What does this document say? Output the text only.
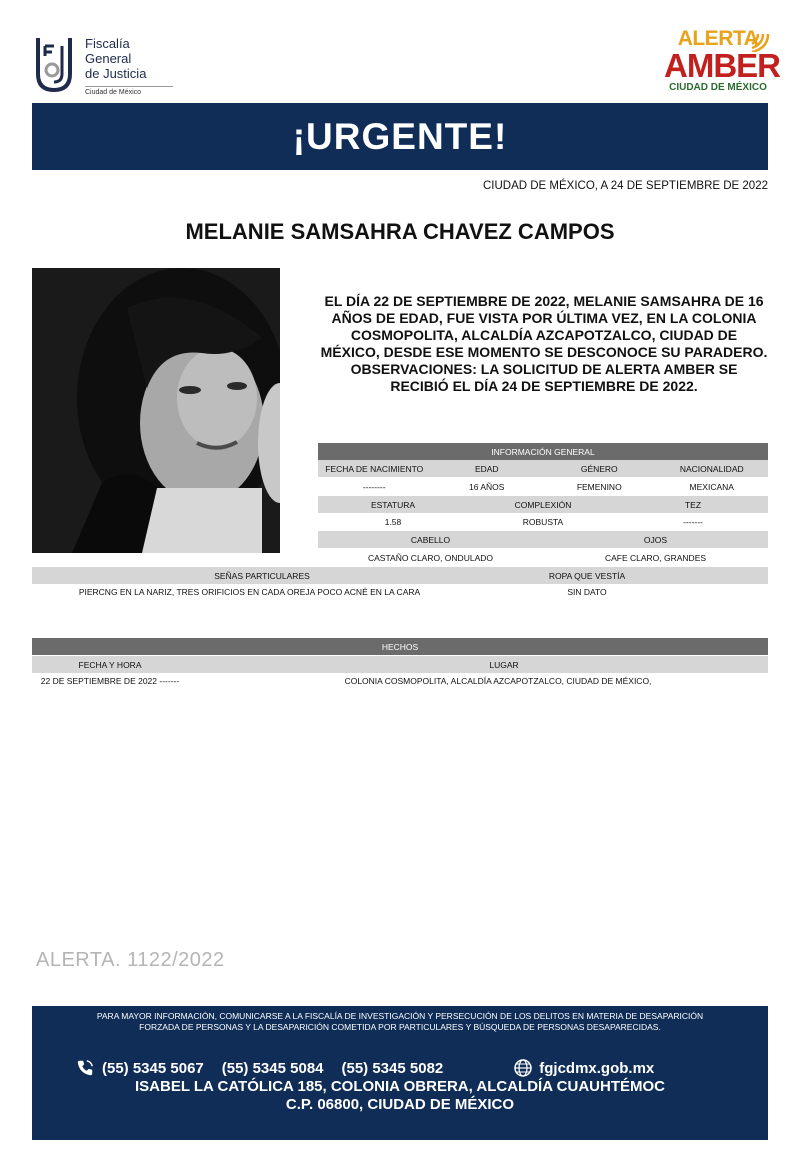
Fiscalía
General
de Justicia
Ciudad de México
ALERTA
AMBER
CIUDAD DE MÉXICO
¡URGENTE!
CIUDAD DE MÉXICO, A 24 DE SEPTIEMBRE DE 2022
MELANIE SAMSAHRA CHAVEZ CAMPOS
EL DÍA 22 DE SEPTIEMBRE DE 2022, MELANIE SAMSAHRA DE 16 AÑOS DE EDAD, FUE VISTA POR ÚLTIMA VEZ, EN LA COLONIA COSMOPOLITA, ALCALDÍA AZCAPOTZALCO, CIUDAD DE MÉXICO, DESDE ESE MOMENTO SE DESCONOCE SU PARADERO. OBSERVACIONES: LA SOLICITUD DE ALERTA AMBER SE RECIBIÓ EL DÍA 24 DE SEPTIEMBRE DE 2022.
INFORMACIÓN GENERAL
FECHA DE NACIMIENTO	EDAD	GÉNERO	NACIONALIDAD
--------	16 AÑOS	FEMENINO	MEXICANA
ESTATURA	COMPLEXIÓN	TEZ
1.58	ROBUSTA	-------
CABELLO	OJOS
CASTAÑO CLARO, ONDULADO	CAFE CLARO, GRANDES
SEÑAS PARTICULARES	ROPA QUE VESTÍA
PIERCNG EN LA NARIZ, TRES ORIFICIOS EN CADA OREJA POCO ACNÉ EN LA CARA	SIN DATO
HECHOS
FECHA Y HORA	LUGAR
22 DE SEPTIEMBRE DE 2022 -------	COLONIA COSMOPOLITA, ALCALDÍA AZCAPOTZALCO, CIUDAD DE MÉXICO,
ALERTA. 1122/2022
PARA MAYOR INFORMACIÓN, COMUNICARSE A LA FISCALÍA DE INVESTIGACIÓN Y PERSECUCIÓN DE LOS DELITOS EN MATERIA DE DESAPARICIÓN
FORZADA DE PERSONAS Y LA DESAPARICIÓN COMETIDA POR PARTICULARES Y BÚSQUEDA DE PERSONAS DESAPARECIDAS.
(55) 5345 5067 (55) 5345 5084 (55) 5345 5082	fgjcdmx.gob.mx
ISABEL LA CATÓLICA 185, COLONIA OBRERA, ALCALDÍA CUAUHTÉMOC
C.P. 06800, CIUDAD DE MÉXICO
